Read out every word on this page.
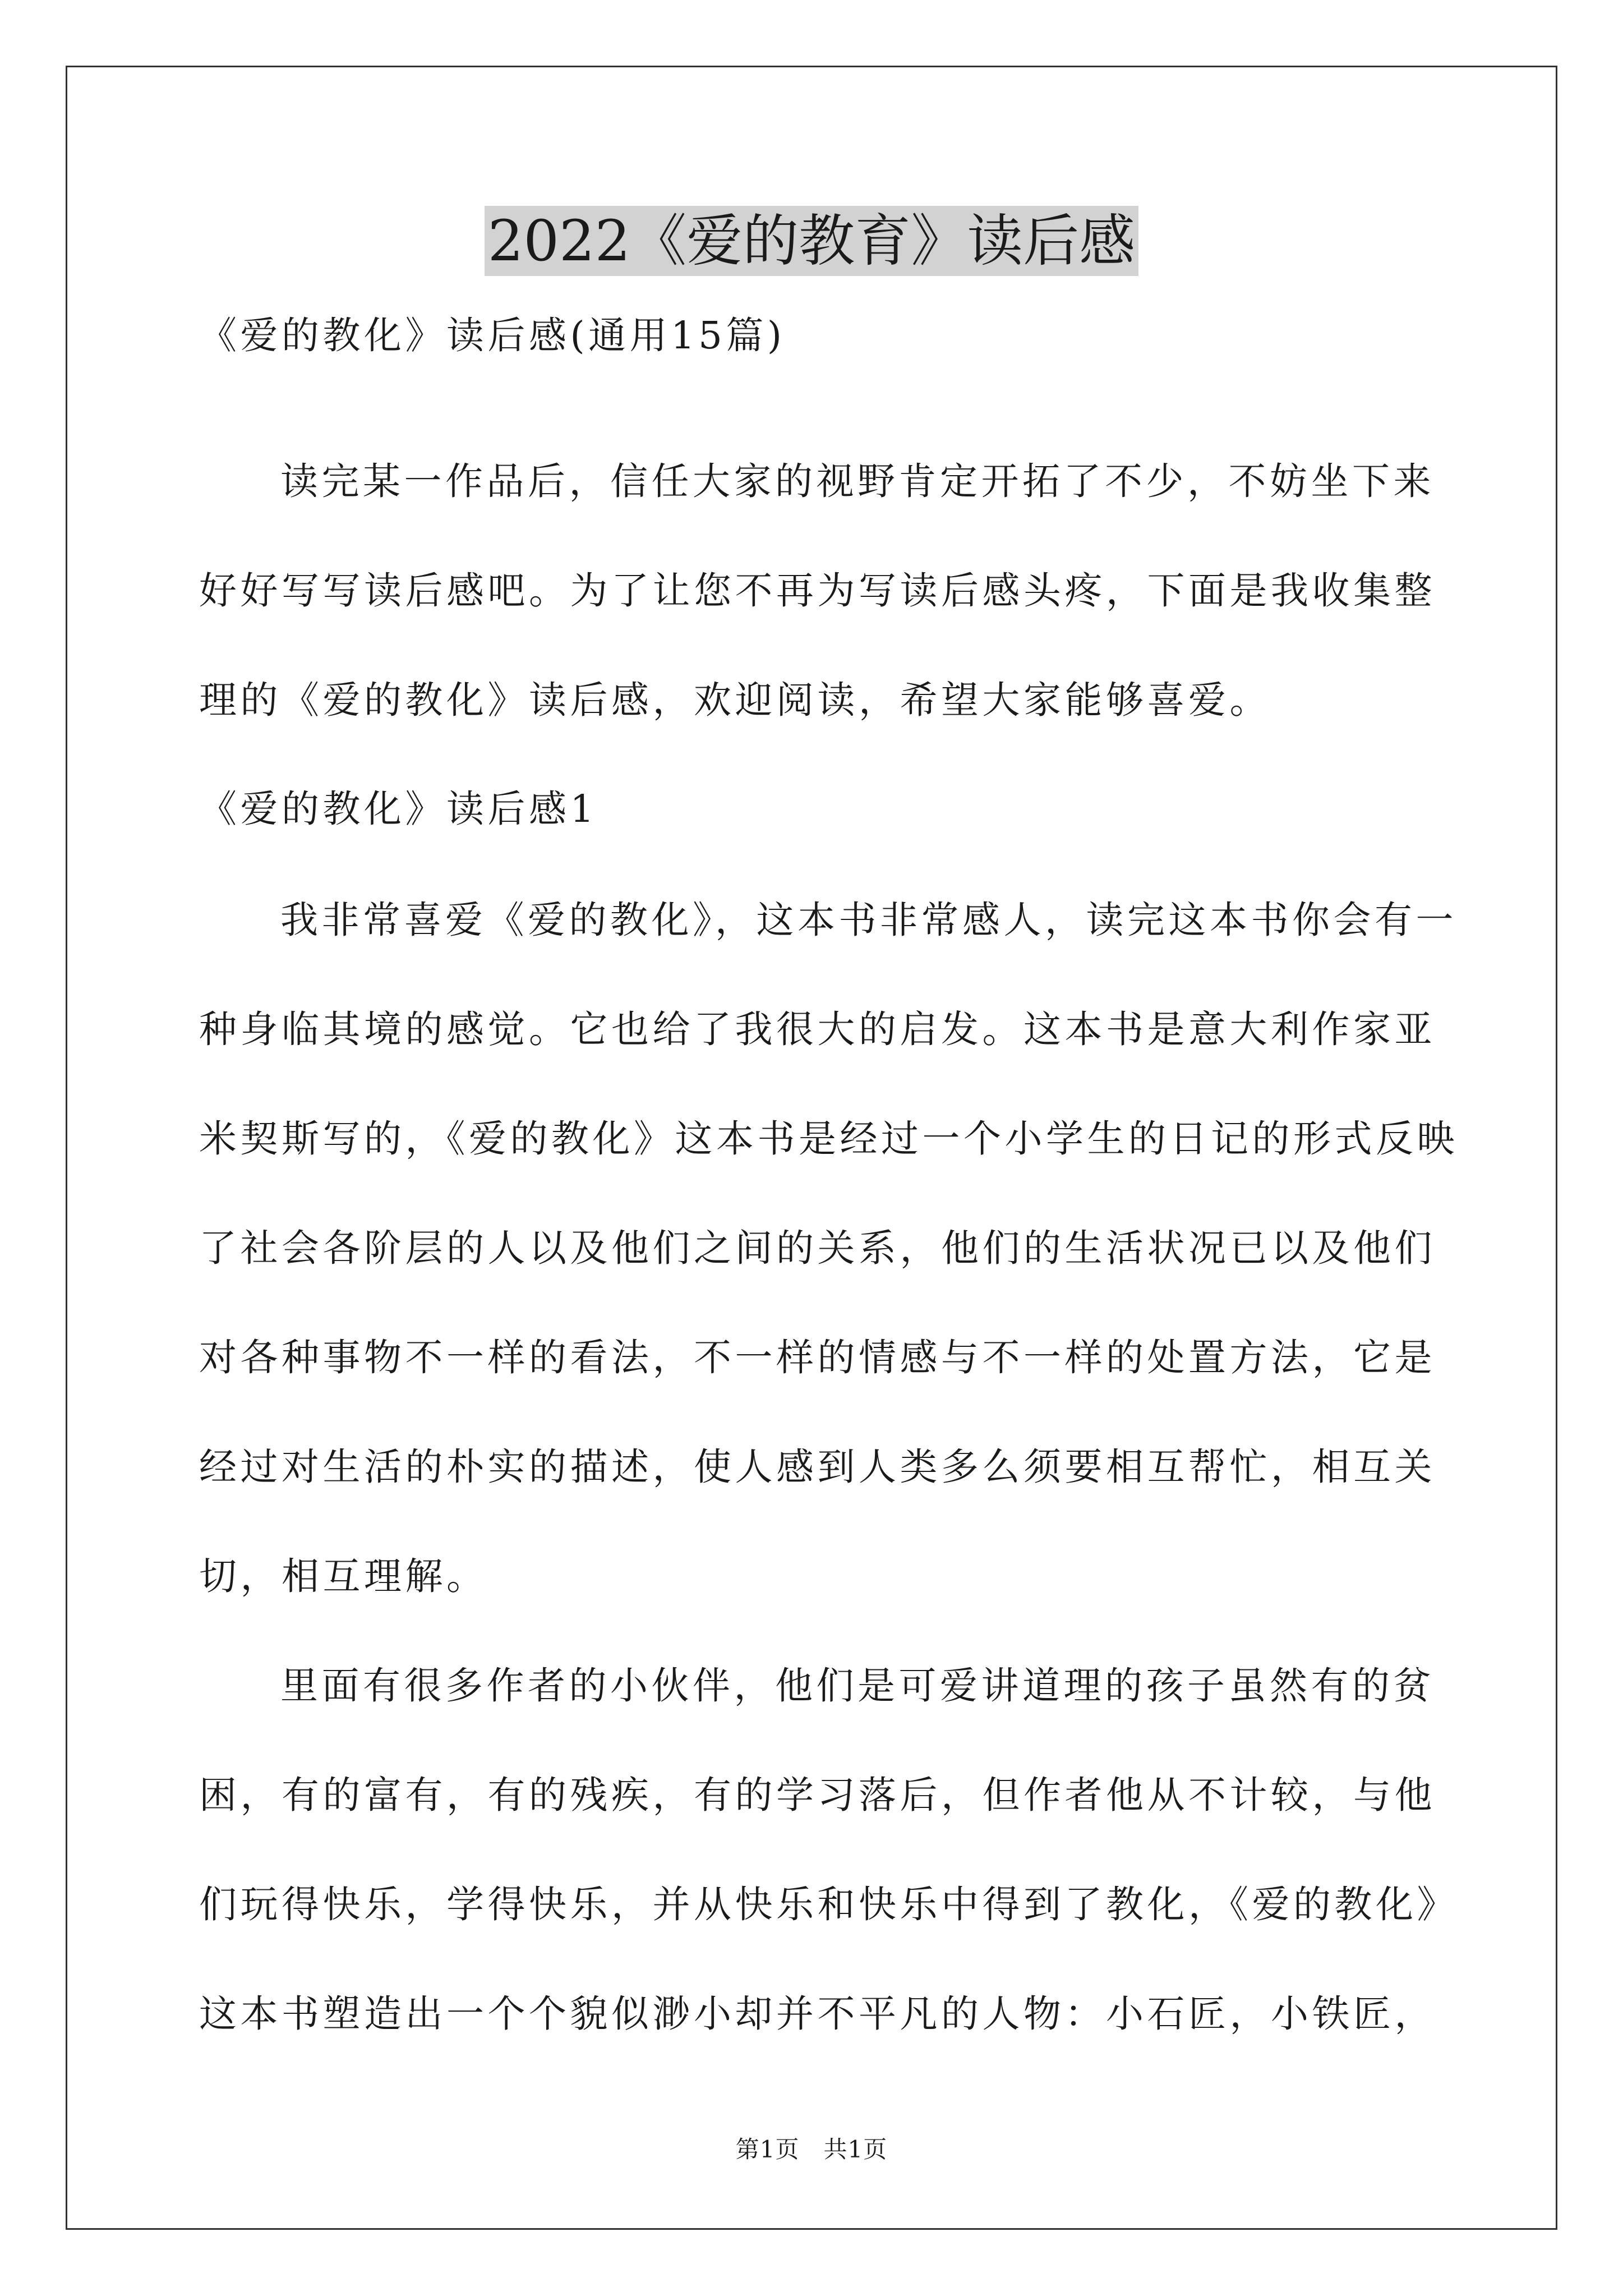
2022《爱的教育》读后感
《爱的教化》读后感(通用15篇)
读完某一作品后，信任大家的视野肯定开拓了不少，不妨坐下来
好好写写读后感吧。为了让您不再为写读后感头疼，下面是我收集整
理的《爱的教化》读后感，欢迎阅读，希望大家能够喜爱。
《爱的教化》读后感1
我非常喜爱《爱的教化》，这本书非常感人，读完这本书你会有一
种身临其境的感觉。它也给了我很大的启发。这本书是意大利作家亚
米契斯写的，《爱的教化》这本书是经过一个小学生的日记的形式反映
了社会各阶层的人以及他们之间的关系，他们的生活状况已以及他们
对各种事物不一样的看法，不一样的情感与不一样的处置方法，它是
经过对生活的朴实的描述，使人感到人类多么须要相互帮忙，相互关
切，相互理解。
里面有很多作者的小伙伴，他们是可爱讲道理的孩子虽然有的贫
困，有的富有，有的残疾，有的学习落后，但作者他从不计较，与他
们玩得快乐，学得快乐，并从快乐和快乐中得到了教化，《爱的教化》
这本书塑造出一个个貌似渺小却并不平凡的人物：小石匠，小铁匠，
第1页　共1页
